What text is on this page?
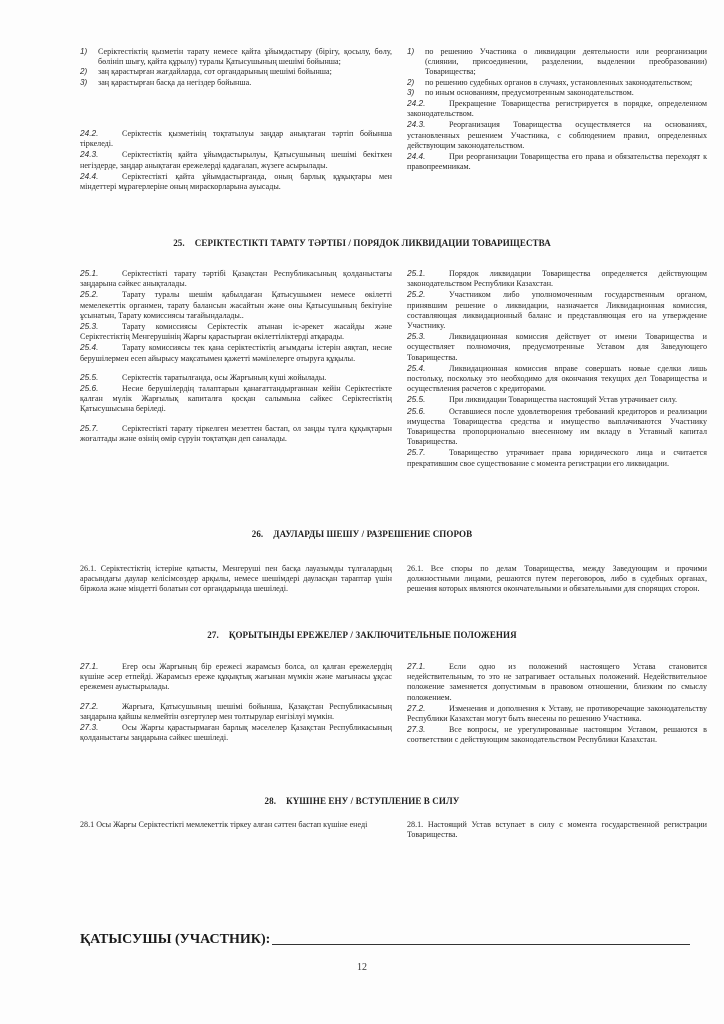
1)	Серіктестіктің қызметін тарату немесе қайта ұйымдастыру (бірігу, қосылу, бөлу, бөлініп шығу, қайта құрылу) туралы Қатысушының шешімі бойынша;
2)	заң қарастырған жағдайларда, сот органдарының шешімі бойынша;
3)	заң қарастырған басқа да негіздер бойынша.

24.2.	Серіктестік қызметінің тоқтатылуы заңдар анықтаған тәртіп бойынша тіркеледі.

24.3.	Серіктестіктің қайта ұйымдастырылуы, Қатысушының шешімі бекіткен негіздерде, заңдар анықтаған ережелерді қадағалап, жүзеге асырылады.

24.4.	Серіктестікті қайта ұйымдастырғанда, оның барлық құқықтары мен міндеттері мұрагерлеріне оның мираскорларына ауысады.

1)	по решению Участника о ликвидации деятельности или реорганизации (слиянии, присоединении, разделении, выделении преобразовании) Товарищества;
2)	по решению судебных органов в случаях, установленных законодательством;
3)	по иным основаниям, предусмотренным законодательством.

24.2.	Прекращение Товарищества регистрируется в порядке, определенном законодательством.

24.3.	Реорганизация Товарищества осуществляется на основаниях, установленных решением Участника, с соблюдением правил, определенных действующим законодательством.

24.4.	При реорганизации Товарищества его права и обязательства переходят к правопреемникам.

25. СЕРІКТЕСТІКТІ ТАРАТУ ТӘРТІБІ / ПОРЯДОК ЛИКВИДАЦИИ ТОВАРИЩЕСТВА

25.1.	Серіктестікті тарату тәртібі Қазақстан Республикасының қолданыстағы заңдарына сәйкес анықталады.

25.2.	Тарату туралы шешім қабылдаған Қатысушымен немесе өкілетті мемелекеттік органмен, тарату балансын жасайтын және оны Қатысушының бекітуіне ұсынатын, Тарату комиссиясы тағайындалады..

25.3.	Тарату комиссиясы Серіктестік атынан іс-әрекет жасайды және Серіктестіктің Менгерушінің Жарғы қарастырған өкілеттіліктерді атқарады.

25.4.	Тарату комиссиясы тек қана серіктестіктің ағымдағы істерін аяқтап, несие берушілермен есеп айырысу мақсатымен қажетті мәмілелерге отыруға құқылы.

25.5.	Серіктестік таратылғанда, осы Жарғының күші жойылады.

25.6.	Несие берушілердің талаптарын қанағаттандырғаннан кейін Серіктестікте қалған мүлік Жарғылық капиталға қосқан салымына сәйкес Серіктестіктің Қатысушысына беріледі.

25.7.	Серіктестікті тарату тіркелген мезеттен бастап, ол заңды тұлға құқықтарын жоғалтады және өзінің өмір сүруін тоқтатқан деп саналады.

25.1.	Порядок ликвидации Товарищества определяется действующим законодательством Республики Казахстан.

25.2.	Участником либо уполномоченным государственным органом, принявшим решение о ликвидации, назначается Ликвидационная комиссия, составляющая ликвидационный баланс и представляющая его на утверждение Участнику.

25.3.	Ликвидационная комиссия действует от имени Товарищества и осуществляет полномочия, предусмотренные Уставом для Заведующего Товарищества.

25.4.	Ликвидационная комиссия вправе совершать новые сделки лишь постольку, поскольку это необходимо для окончания текущих дел Товарищества и осуществления расчетов с кредиторами.

25.5.	При ликвидации Товарищества настоящий Устав утрачивает силу.

25.6.	Оставшиеся после удовлетворения требований кредиторов и реализации имущества Товарищества средства и имущество выплачиваются Участнику Товарищества пропорционально внесенному им вкладу в Уставный капитал Товарищества.

25.7.	Товарищество утрачивает права юридического лица и считается прекратившим свое существование с момента регистрации его ликвидации.

26. ДАУЛАРДЫ ШЕШУ / РАЗРЕШЕНИЕ СПОРОВ

26.1. Серіктестіктің істеріне қатысты, Менгеруші пен басқа лауазымды тұлғалардың арасындағы даулар келісімсөздер арқылы, немесе шешімдері дауласқан тараптар үшін біржола және міндетті болатын сот органдарында шешіледі.

26.1. Все споры по делам Товарищества, между Заведующим и прочими должностными лицами, решаются путем переговоров, либо в судебных органах, решения которых являются окончательными и обязательными для спорящих сторон.

27. ҚОРЫТЫНДЫ ЕРЕЖЕЛЕР / ЗАКЛЮЧИТЕЛЬНЫЕ ПОЛОЖЕНИЯ

27.1.	Егер осы Жарғының бір ережесі жарамсыз болса, ол қалған ережелердің күшіне әсер етпейді. Жарамсыз ереже құқықтық жағынан мүмкін және мағынасы ұқсас ережемен ауыстырылады.

27.2.	Жарғыға, Қатысушының шешімі бойынша, Қазақстан Республикасының заңдарына қайшы келмейтін өзгертулер мен толтырулар енгізілуі мүмкін.

27.3.	Осы Жарғы қарастырмаған барлық мәселелер Қазақстан Республикасының қолданыстағы заңдарына сәйкес шешіледі.

27.1.	Если одно из положений настоящего Устава становится недействительным, то это не затрагивает остальных положений. Недействительное положение заменяется допустимым в правовом отношении, близким по смыслу положением.

27.2.	Изменения и дополнения к Уставу, не противоречащие законодательству Республики Казахстан могут быть внесены по решению Участника.

27.3.	Все вопросы, не урегулированные настоящим Уставом, решаются в соответствии с действующим законодательством Республики Казахстан.

28. КҮШІНЕ ЕНУ / ВСТУПЛЕНИЕ В СИЛУ

28.1 Осы Жарғы Серіктестікті мемлекеттік тіркеу алған сәттен бастап күшіне енеді	28.1. Настоящий Устав вступает в силу с момента государственной регистрации Товарищества.

ҚАТЫСУШЫ (УЧАСТНИК):
12
